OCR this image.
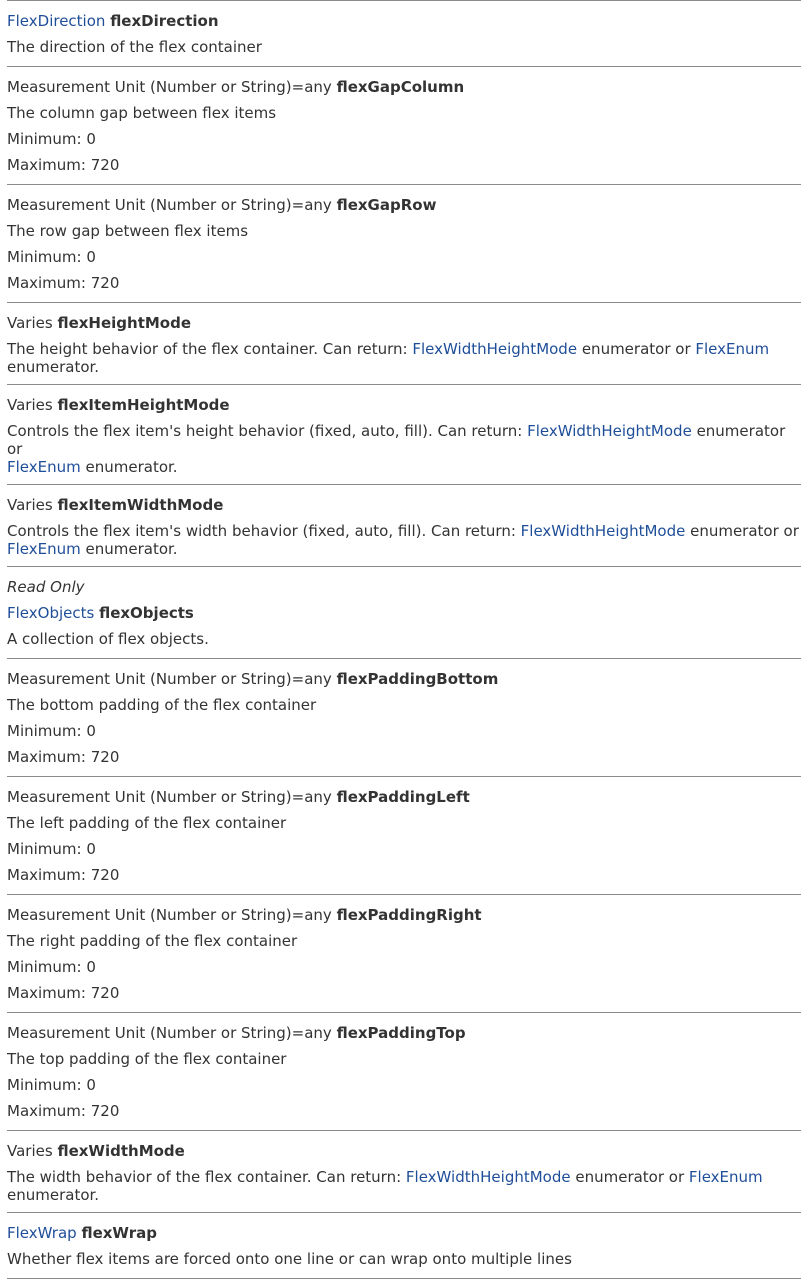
FlexDirection flexDirection
The direction of the flex container
Measurement Unit (Number or String)=any flexGapColumn
The column gap between flex items
Minimum: 0
Maximum: 720
Measurement Unit (Number or String)=any flexGapRow
The row gap between flex items
Minimum: 0
Maximum: 720
Varies flexHeightMode
The height behavior of the flex container. Can return: FlexWidthHeightMode enumerator or FlexEnum enumerator.
Varies flexItemHeightMode
Controls the flex item's height behavior (fixed, auto, fill). Can return: FlexWidthHeightMode enumerator or
FlexEnum enumerator.
Varies flexItemWidthMode
Controls the flex item's width behavior (fixed, auto, fill). Can return: FlexWidthHeightMode enumerator or
FlexEnum enumerator.
Read Only
FlexObjects flexObjects
A collection of flex objects.
Measurement Unit (Number or String)=any flexPaddingBottom
The bottom padding of the flex container
Minimum: 0
Maximum: 720
Measurement Unit (Number or String)=any flexPaddingLeft
The left padding of the flex container
Minimum: 0
Maximum: 720
Measurement Unit (Number or String)=any flexPaddingRight
The right padding of the flex container
Minimum: 0
Maximum: 720
Measurement Unit (Number or String)=any flexPaddingTop
The top padding of the flex container
Minimum: 0
Maximum: 720
Varies flexWidthMode
The width behavior of the flex container. Can return: FlexWidthHeightMode enumerator or FlexEnum enumerator.
FlexWrap flexWrap
Whether flex items are forced onto one line or can wrap onto multiple lines
